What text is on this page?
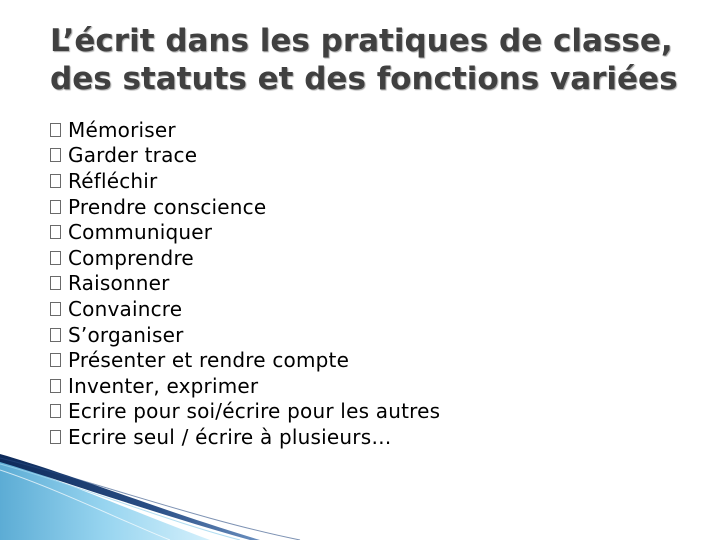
L’écrit dans les pratiques de classe,
des statuts et des fonctions variées
Mémoriser
Garder trace
Réfléchir
Prendre conscience
Communiquer
Comprendre
Raisonner
Convaincre
S’organiser
Présenter et rendre compte
Inventer, exprimer
Ecrire pour soi/écrire pour les autres
Ecrire seul / écrire à plusieurs…
